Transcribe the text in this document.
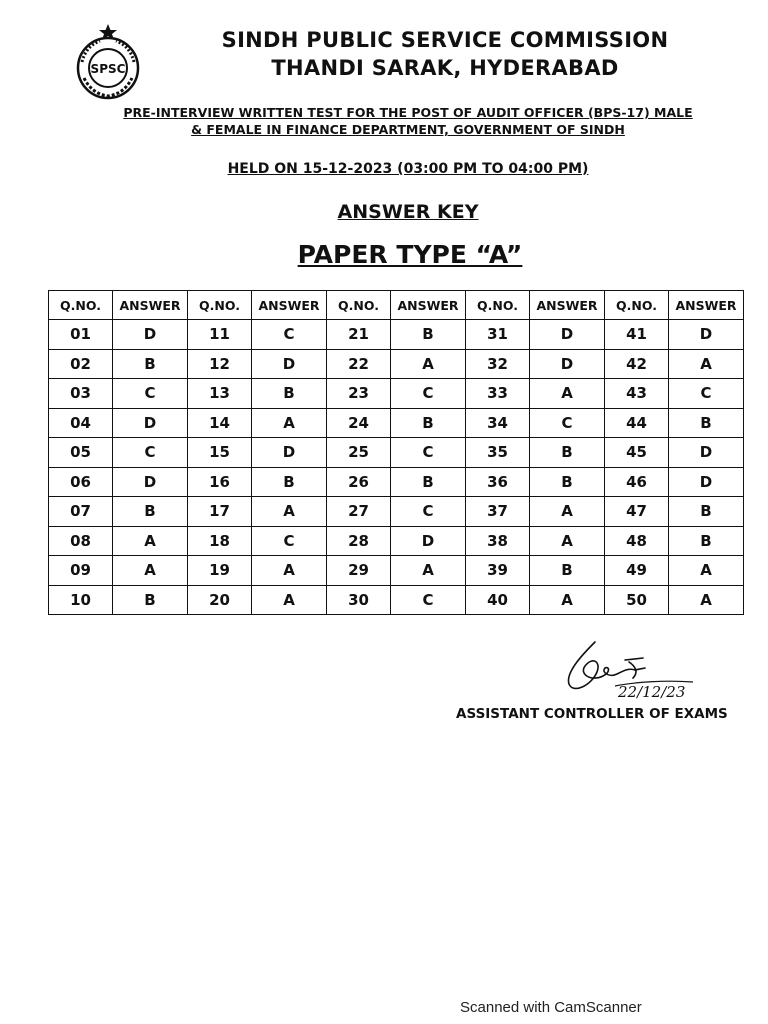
SPSC
SINDH PUBLIC SERVICE COMMISSION
THANDI SARAK, HYDERABAD
PRE-INTERVIEW WRITTEN TEST FOR THE POST OF AUDIT OFFICER (BPS-17) MALE
& FEMALE IN FINANCE DEPARTMENT, GOVERNMENT OF SINDH
HELD ON 15-12-2023 (03:00 PM TO 04:00 PM)
ANSWER KEY
PAPER TYPE “A”
Q.NO.	ANSWER	Q.NO.	ANSWER	Q.NO.	ANSWER	Q.NO.	ANSWER	Q.NO.	ANSWER
01	D	11	C	21	B	31	D	41	D
02	B	12	D	22	A	32	D	42	A
03	C	13	B	23	C	33	A	43	C
04	D	14	A	24	B	34	C	44	B
05	C	15	D	25	C	35	B	45	D
06	D	16	B	26	B	36	B	46	D
07	B	17	A	27	C	37	A	47	B
08	A	18	C	28	D	38	A	48	B
09	A	19	A	29	A	39	B	49	A
10	B	20	A	30	C	40	A	50	A
22/12/23
ASSISTANT CONTROLLER OF EXAMS
Scanned with CamScanner
